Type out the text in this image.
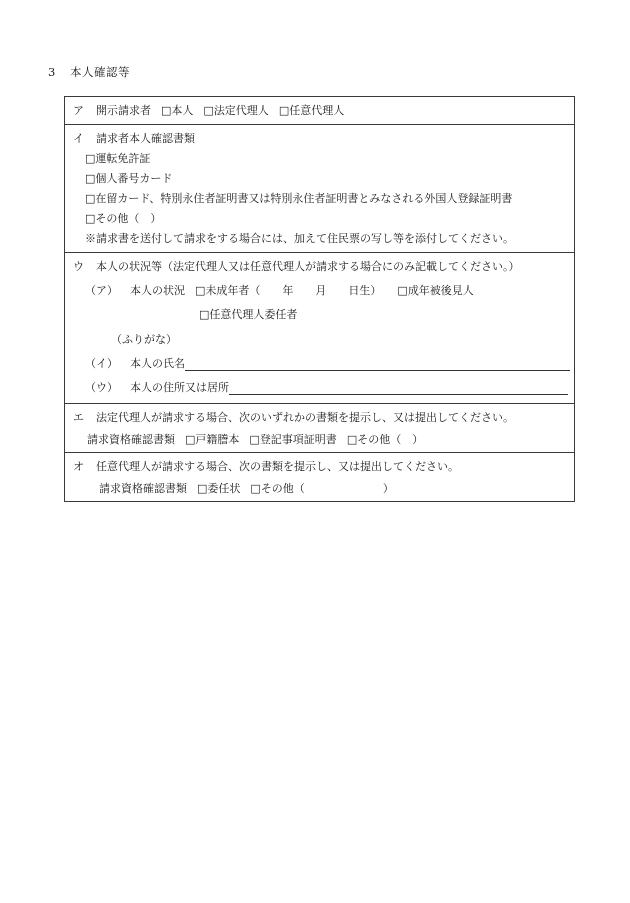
3 本人確認等
ア 開示請求者 □ 本人 □ 法定代理人 □ 任意代理人
イ 請求者本人確認書類
□ 運転免許証
□ 個人番号カード
□ 在留カード、特別永住者証明書又は特別永住者証明書とみなされる外国人登録証明書
□ その他（　）
※請求書を送付して請求をする場合には、加えて住民票の写し等を添付してください。
ウ 本人の状況等（法定代理人又は任意代理人が請求する場合にのみ記載してください。）
（ア） 本人の状況 □ 未成年者（ 年 月 日生） □ 成年被後見人
□ 任意代理人委任者
（ふりがな）
（イ） 本人の氏名
（ウ） 本人の住所又は居所
エ 法定代理人が請求する場合、次のいずれかの書類を提示し、又は提出してください。
請求資格確認書類 □ 戸籍謄本 □ 登記事項証明書 □ その他（　）
オ 任意代理人が請求する場合、次の書類を提示し、又は提出してください。
請求資格確認書類 □ 委任状 □ その他（	）
